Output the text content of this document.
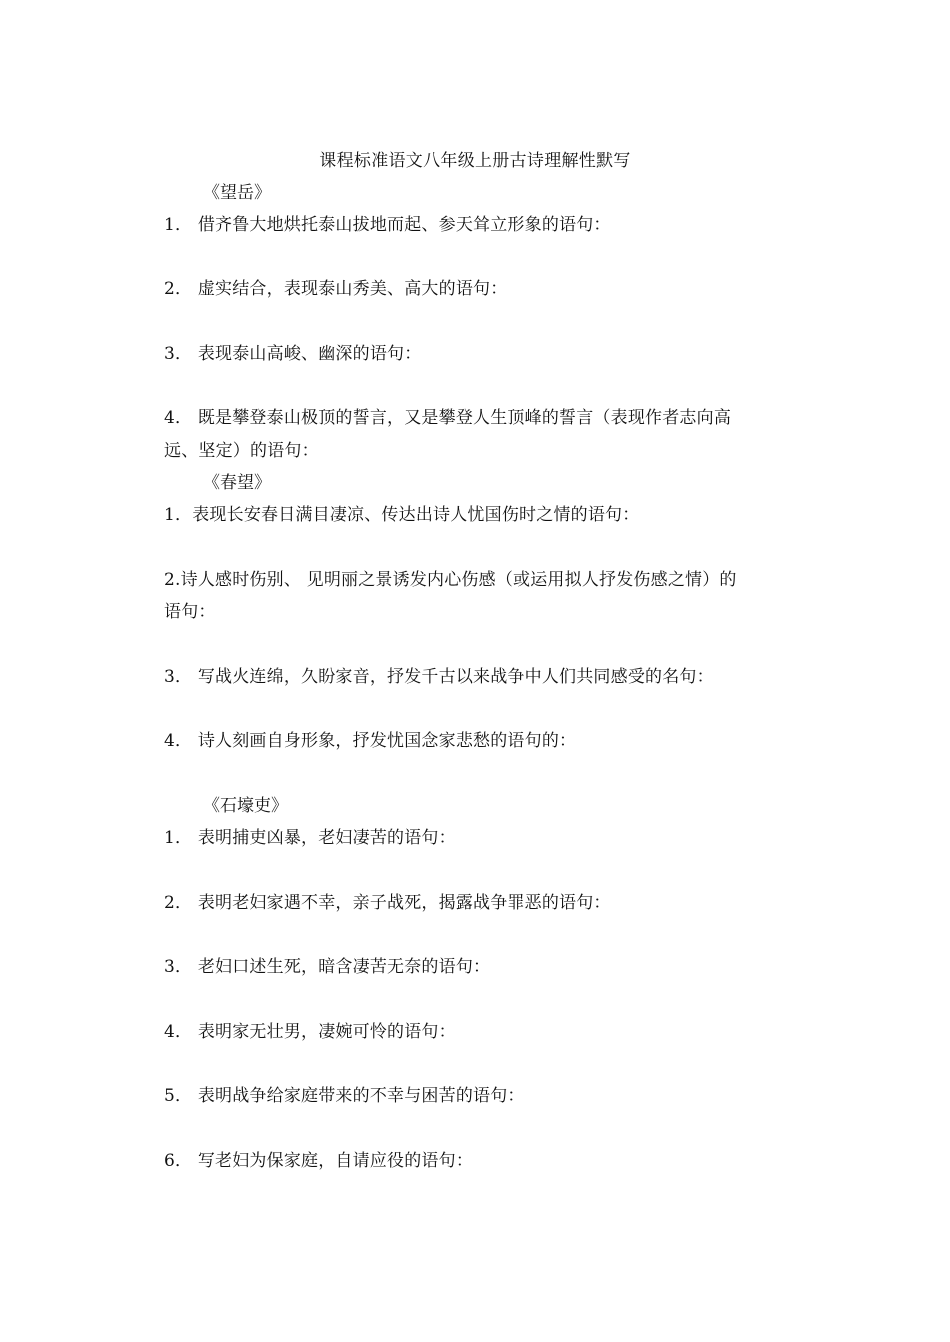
课程标准语文八年级上册古诗理解性默写
《望岳》
1． 借齐鲁大地烘托泰山拔地而起、参天耸立形象的语句：
2． 虚实结合，表现泰山秀美、高大的语句：
3． 表现泰山高峻、幽深的语句：
4． 既是攀登泰山极顶的誓言，又是攀登人生顶峰的誓言（表现作者志向高
远、坚定）的语句：
《春望》
1．表现长安春日满目凄凉、传达出诗人忧国伤时之情的语句：
2.诗人感时伤别、 见明丽之景诱发内心伤感（或运用拟人抒发伤感之情）的
语句：
3． 写战火连绵，久盼家音，抒发千古以来战争中人们共同感受的名句：
4． 诗人刻画自身形象，抒发忧国念家悲愁的语句的：
《石壕吏》
1． 表明捕吏凶暴，老妇凄苦的语句：
2． 表明老妇家遇不幸，亲子战死，揭露战争罪恶的语句：
3． 老妇口述生死，暗含凄苦无奈的语句：
4． 表明家无壮男，凄婉可怜的语句：
5． 表明战争给家庭带来的不幸与困苦的语句：
6． 写老妇为保家庭，自请应役的语句：
